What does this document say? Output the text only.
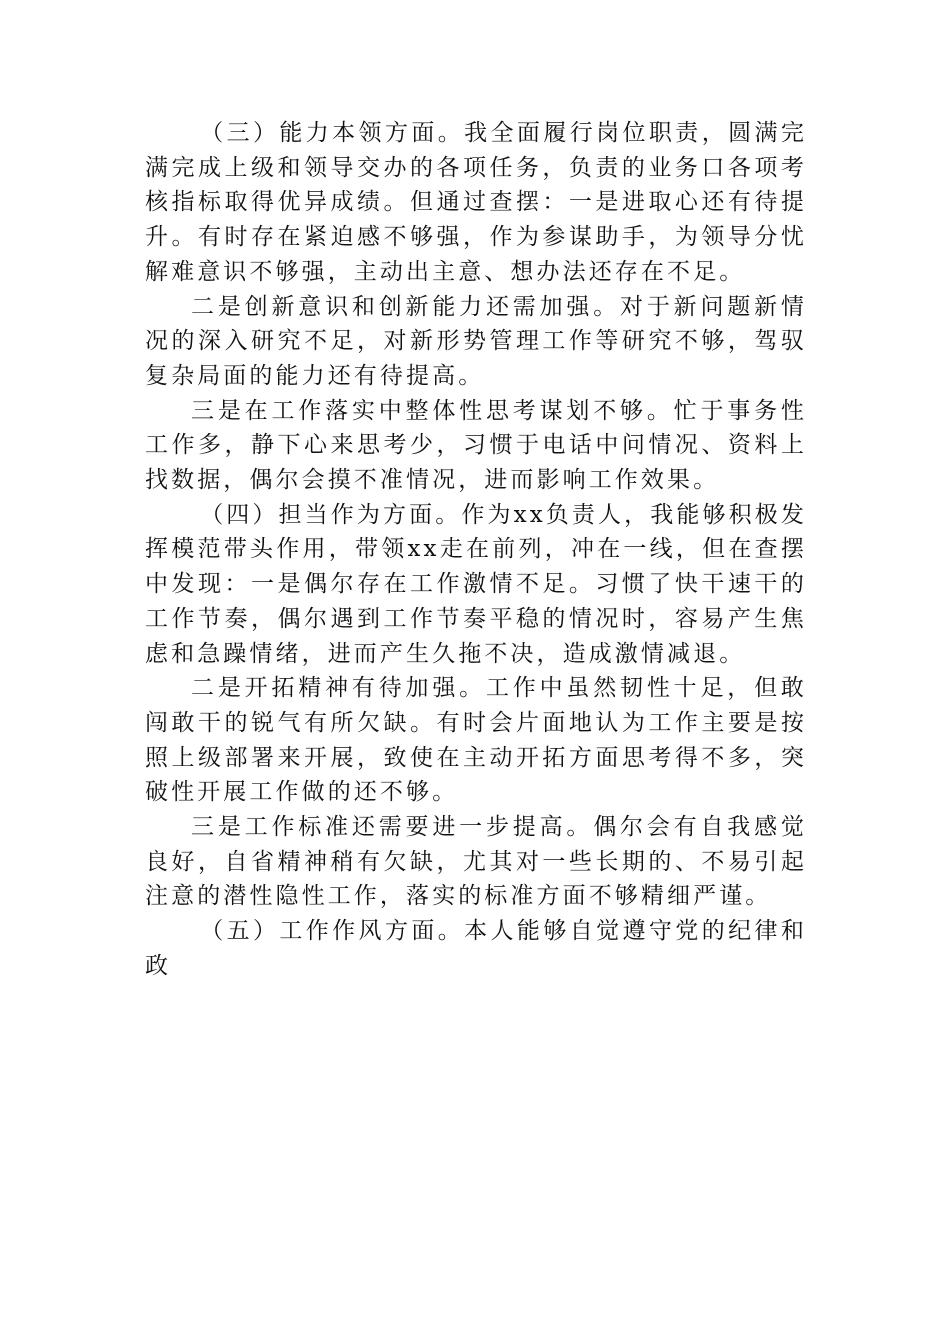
（三）能力本领方面。我全面履行岗位职责，圆满完满完成上级和领导交办的各项任务，负责的业务口各项考核指标取得优异成绩。但通过查摆：一是进取心还有待提升。有时存在紧迫感不够强，作为参谋助手，为领导分忧解难意识不够强，主动出主意、想办法还存在不足。

二是创新意识和创新能力还需加强。对于新问题新情况的深入研究不足，对新形势管理工作等研究不够，驾驭复杂局面的能力还有待提高。

三是在工作落实中整体性思考谋划不够。忙于事务性工作多，静下心来思考少，习惯于电话中问情况、资料上找数据，偶尔会摸不准情况，进而影响工作效果。

（四）担当作为方面。作为xx负责人，我能够积极发挥模范带头作用，带领xx走在前列，冲在一线，但在查摆中发现：一是偶尔存在工作激情不足。习惯了快干速干的工作节奏，偶尔遇到工作节奏平稳的情况时，容易产生焦虑和急躁情绪，进而产生久拖不决，造成激情减退。

二是开拓精神有待加强。工作中虽然韧性十足，但敢闯敢干的锐气有所欠缺。有时会片面地认为工作主要是按照上级部署来开展，致使在主动开拓方面思考得不多，突破性开展工作做的还不够。

三是工作标准还需要进一步提高。偶尔会有自我感觉良好，自省精神稍有欠缺，尤其对一些长期的、不易引起注意的潜性隐性工作，落实的标准方面不够精细严谨。

（五）工作作风方面。本人能够自觉遵守党的纪律和政
